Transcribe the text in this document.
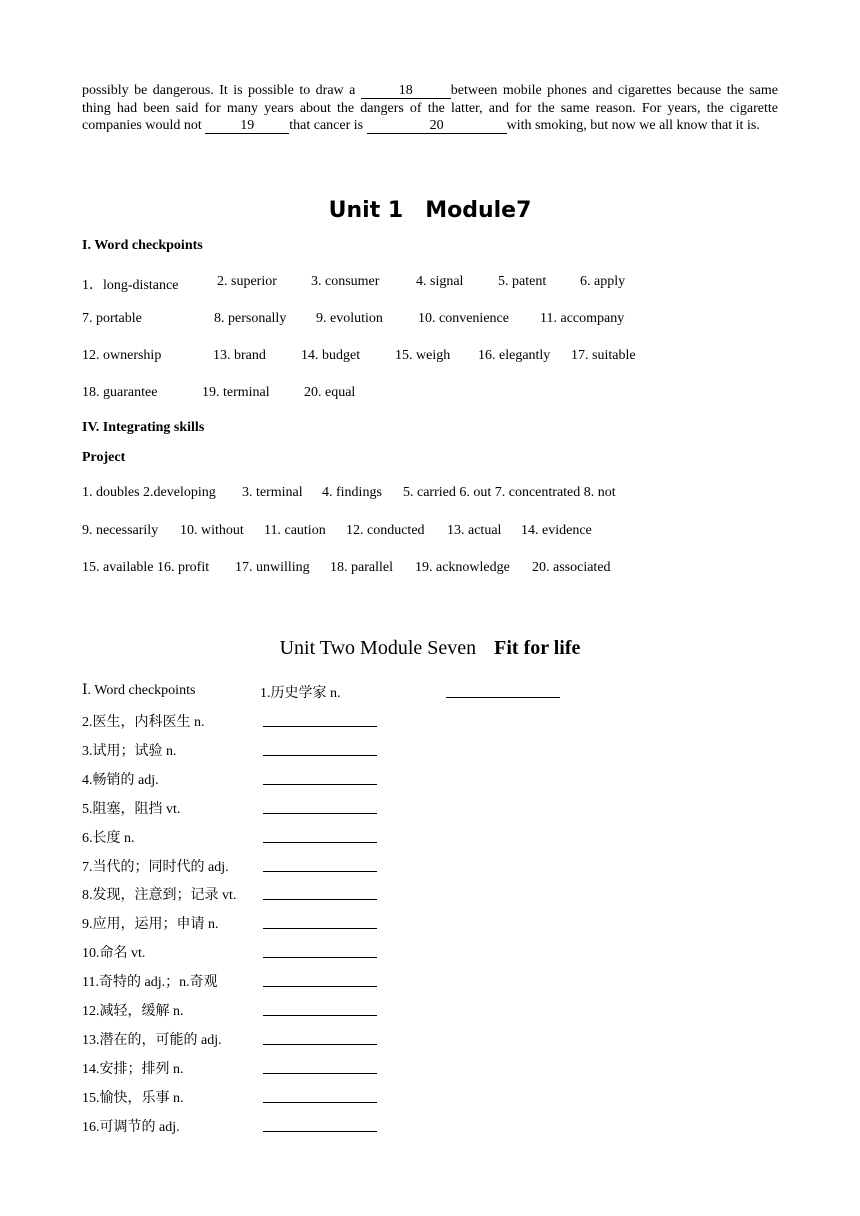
possibly be dangerous. It is possible to draw a	18	between mobile phones and cigarettes because the same thing had been said for many years about the dangers of the latter, and for the same reason. For years, the cigarette companies would not	19	that cancer is	20	with smoking, but now we all know that it is.
Unit 1 Module7
I. Word checkpoints
1．long-distance	2. superior 3. consumer	4. signal 5. patent 6. apply
7. portable	8. personally 9. evolution	10. convenience 11. accompany
12. ownership	13. brand	14. budget 15. weigh 16. elegantly 17. suitable
18. guarantee	19. terminal 20. equal
IV. Integrating skills
Project
1. doubles 2.developing 3. terminal 4. findings 5. carried 6. out 7. concentrated 8. not
9. necessarily 10. without 11. caution 12. conducted 13. actual 14. evidence
15. available 16. profit 17. unwilling 18. parallel 19. acknowledge 20. associated
Unit Two Module Seven Fit for life
Ⅰ. Word checkpoints	1.历史学家 n.
2.医生，内科医生 n.
3.试用；试验 n.
4.畅销的 adj.
5.阻塞，阻挡 vt.
6.长度 n.
7.当代的；同时代的 adj.
8.发现，注意到；记录 vt.
9.应用，运用；申请 n.
10.命名 vt.
11.奇特的 adj.；n.奇观
12.减轻，缓解 n.
13.潜在的，可能的 adj.
14.安排；排列 n.
15.愉快，乐事 n.
16.可调节的 adj.
